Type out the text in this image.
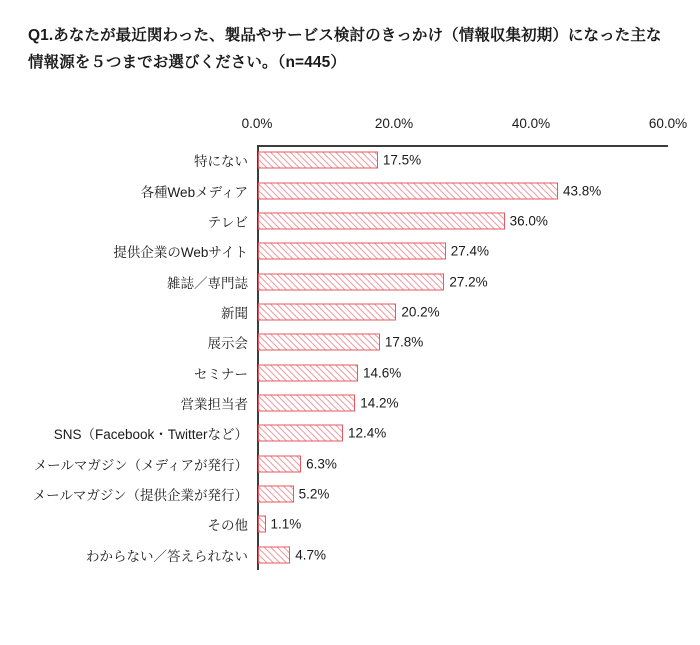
Q1.あなたが最近関わった、製品やサービス検討のきっかけ（情報収集初期）になった主な情報源を５つまでお選びください。（n=445）
0.0%	20.0%	40.0%	60.0%
特にない	17.5%
各種Webメディア	43.8%
テレビ	36.0%
提供企業のWebサイト	27.4%
雑誌／専門誌	27.2%
新聞	20.2%
展示会	17.8%
セミナー	14.6%
営業担当者	14.2%
SNS（Facebook・Twitterなど）	12.4%
メールマガジン（メディアが発行）	6.3%
メールマガジン（提供企業が発行）	5.2%
その他 1.1%
わからない／答えられない	4.7%
